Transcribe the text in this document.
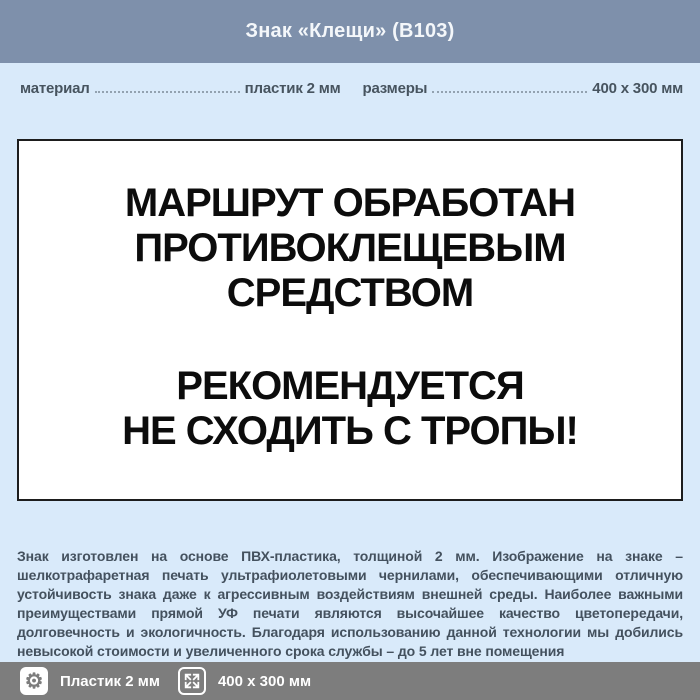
Знак «Клещи» (В103)
материал	пластик 2 мм размеры	400 x 300 мм
МАРШРУТ ОБРАБОТАН
ПРОТИВОКЛЕЩЕВЫМ
СРЕДСТВОМ
РЕКОМЕНДУЕТСЯ
НЕ СХОДИТЬ С ТРОПЫ!

Знак изготовлен на основе ПВХ-пластика, толщиной 2 мм. Изображение на знаке – шелкотрафаретная печать ультрафиолетовыми чернилами, обеспечивающими отличную устойчивость знака даже к агрессивным воздействиям внешней среды. Наиболее важными преимуществами прямой УФ печати являются высочайшее качество цветопередачи, долговечность и экологичность. Благодаря использованию данной технологии мы добились невысокой стоимости и увеличенного срока службы – до 5 лет вне помещения

⚙	Пластик 2 мм	400 x 300 мм
